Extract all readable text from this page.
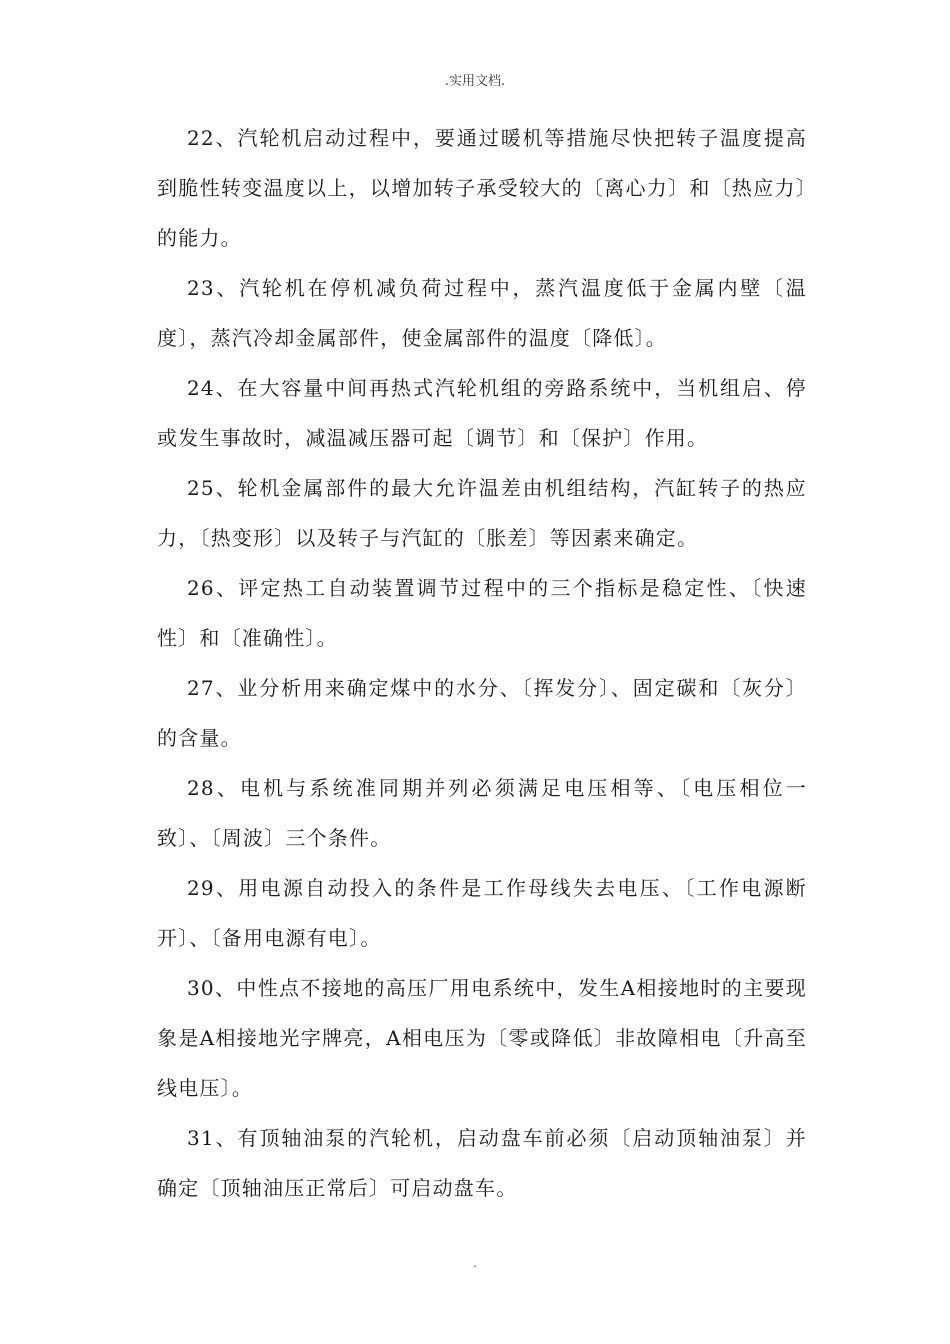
.实用文档.

22、汽轮机启动过程中，要通过暖机等措施尽快把转子温度提高到脆性转变温度以上，以增加转子承受较大的〔离心力〕和〔热应力〕的能力。

23、汽轮机在停机减负荷过程中，蒸汽温度低于金属内壁〔温度〕，蒸汽冷却金属部件，使金属部件的温度〔降低〕。

24、在大容量中间再热式汽轮机组的旁路系统中，当机组启、停或发生事故时，减温减压器可起〔调节〕和〔保护〕作用。

25、轮机金属部件的最大允许温差由机组结构，汽缸转子的热应力，〔热变形〕以及转子与汽缸的〔胀差〕等因素来确定。

26、评定热工自动装置调节过程中的三个指标是稳定性、〔快速性〕和〔准确性〕。

27、业分析用来确定煤中的水分、〔挥发分〕、固定碳和〔灰分〕的含量。

28、电机与系统准同期并列必须满足电压相等、〔电压相位一致〕、〔周波〕三个条件。

29、用电源自动投入的条件是工作母线失去电压、〔工作电源断开〕、〔备用电源有电〕。

30、中性点不接地的高压厂用电系统中，发生A相接地时的主要现象是A相接地光字牌亮，A相电压为〔零或降低〕非故障相电〔升高至线电压〕。

31、有顶轴油泵的汽轮机，启动盘车前必须〔启动顶轴油泵〕并确定〔顶轴油压正常后〕可启动盘车。

.
